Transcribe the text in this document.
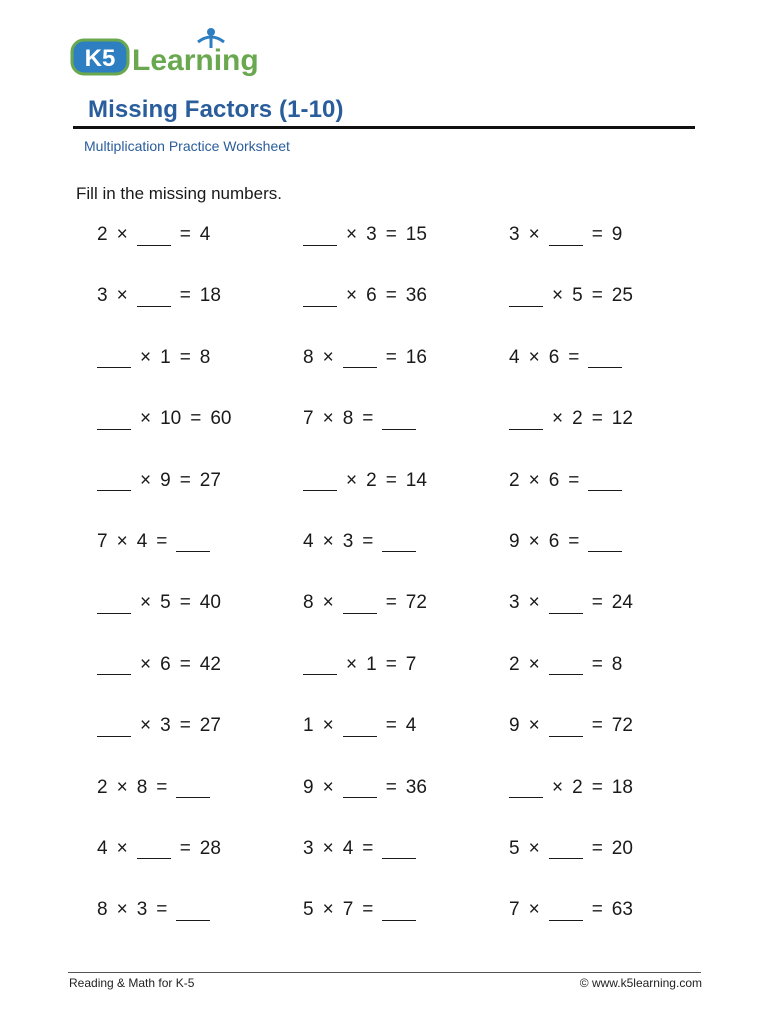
K5 Learning
Missing Factors (1-10)
Multiplication Practice Worksheet
Fill in the missing numbers.
2 ×	= 4	× 3 = 15	3 ×	= 9
3 ×	= 18	× 6 = 36	× 5 = 25
× 1 = 8	8 ×	= 16	4 × 6 =
× 10 = 60	7 × 8 =	× 2 = 12
× 9 = 27	× 2 = 14	2 × 6 =
7 × 4 =	4 × 3 =	9 × 6 =
× 5 = 40	8 ×	= 72	3 ×	= 24
× 6 = 42	× 1 = 7	2 ×	= 8
× 3 = 27	1 ×	= 4	9 ×	= 72
2 × 8 =	9 ×	= 36	× 2 = 18
4 ×	= 28	3 × 4 =	5 ×	= 20
8 × 3 =	5 × 7 =	7 ×	= 63
Reading & Math for K-5	© www.k5learning.com
